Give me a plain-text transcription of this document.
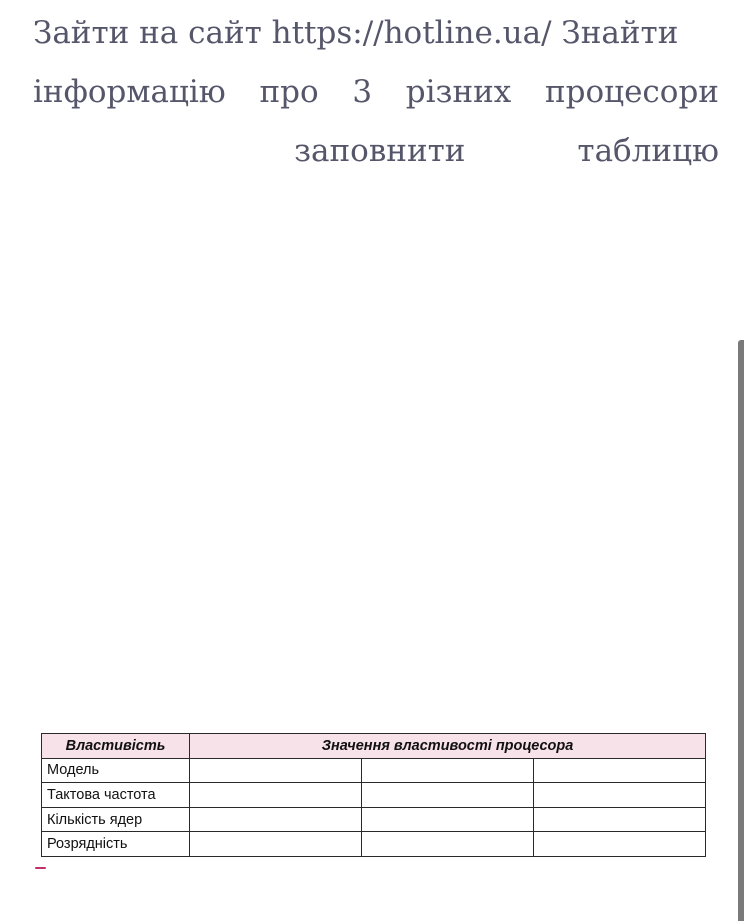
Зайти на сайт https://hotline.ua/ Знайти
інформацію про 3 різних процесори
заповнити	таблицю
Властивість	Значення властивості процесора		
Модель			
Тактова частота			
Кількість ядер			
Розрядність			
